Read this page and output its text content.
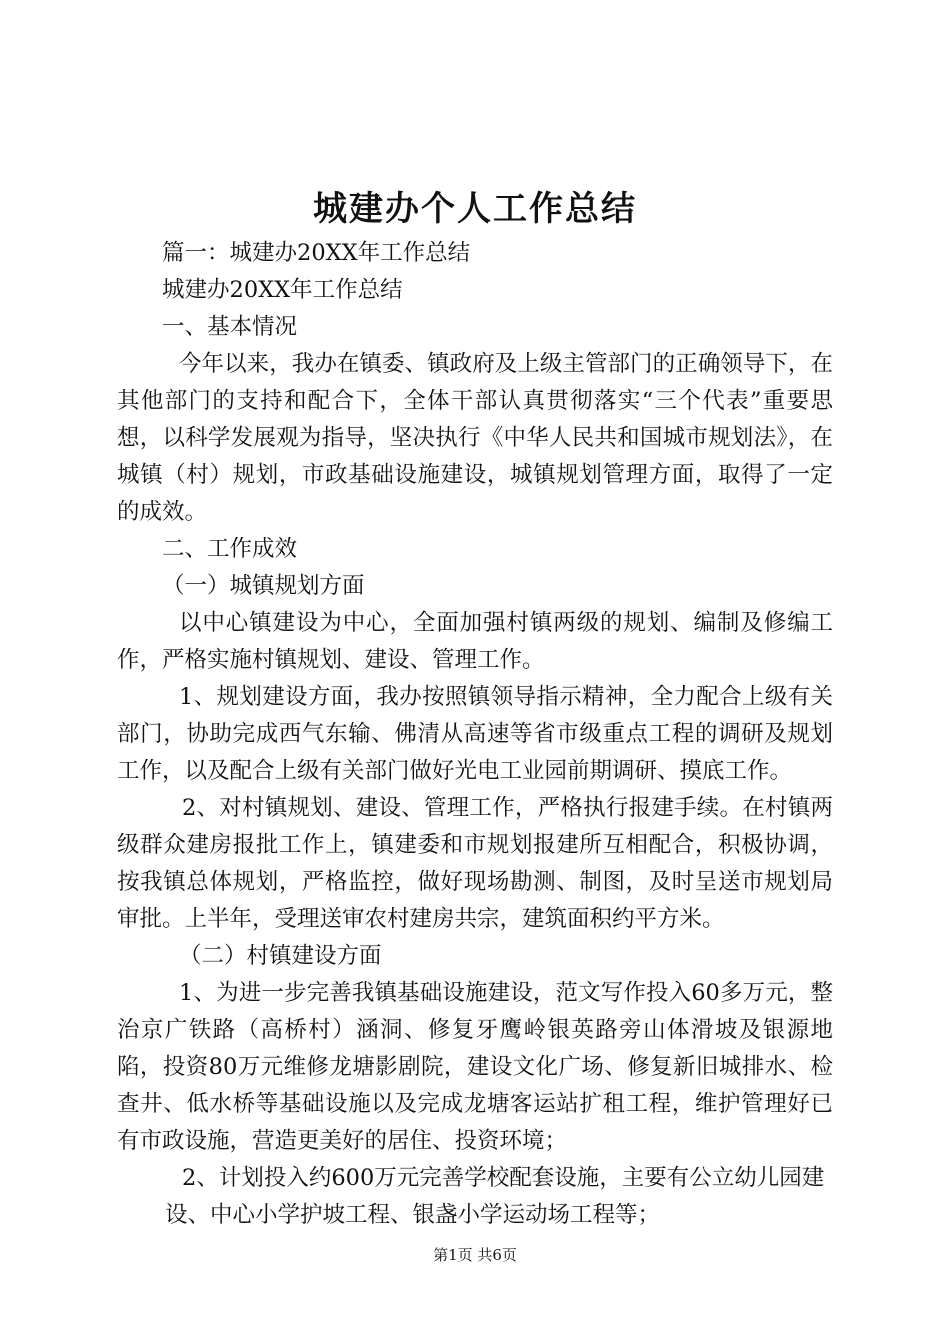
城建办个人工作总结

篇一：城建办20XX年工作总结

城建办20XX年工作总结

一、基本情况

今年以来，我办在镇委、镇政府及上级主管部门的正确领导下，在其他部门的支持和配合下，全体干部认真贯彻落实“三个代表”重要思想，以科学发展观为指导，坚决执行《中华人民共和国城市规划法》，在城镇（村）规划，市政基础设施建设，城镇规划管理方面，取得了一定的成效。

二、工作成效

（一）城镇规划方面

以中心镇建设为中心，全面加强村镇两级的规划、编制及修编工作，严格实施村镇规划、建设、管理工作。

1、规划建设方面，我办按照镇领导指示精神，全力配合上级有关部门，协助完成西气东输、佛清从高速等省市级重点工程的调研及规划工作，以及配合上级有关部门做好光电工业园前期调研、摸底工作。

2、对村镇规划、建设、管理工作，严格执行报建手续。在村镇两级群众建房报批工作上，镇建委和市规划报建所互相配合，积极协调，按我镇总体规划，严格监控，做好现场勘测、制图，及时呈送市规划局审批。上半年，受理送审农村建房共宗，建筑面积约平方米。

（二）村镇建设方面

1、为进一步完善我镇基础设施建设，范文写作投入60多万元，整治京广铁路（高桥村）涵洞、修复牙鹰岭银英路旁山体滑坡及银源地陷，投资80万元维修龙塘影剧院，建设文化广场、修复新旧城排水、检查井、低水桥等基础设施以及完成龙塘客运站扩租工程，维护管理好已有市政设施，营造更美好的居住、投资环境；

2、计划投入约600万元完善学校配套设施，主要有公立幼儿园建

设、中心小学护坡工程、银盏小学运动场工程等；

第1页 共6页
